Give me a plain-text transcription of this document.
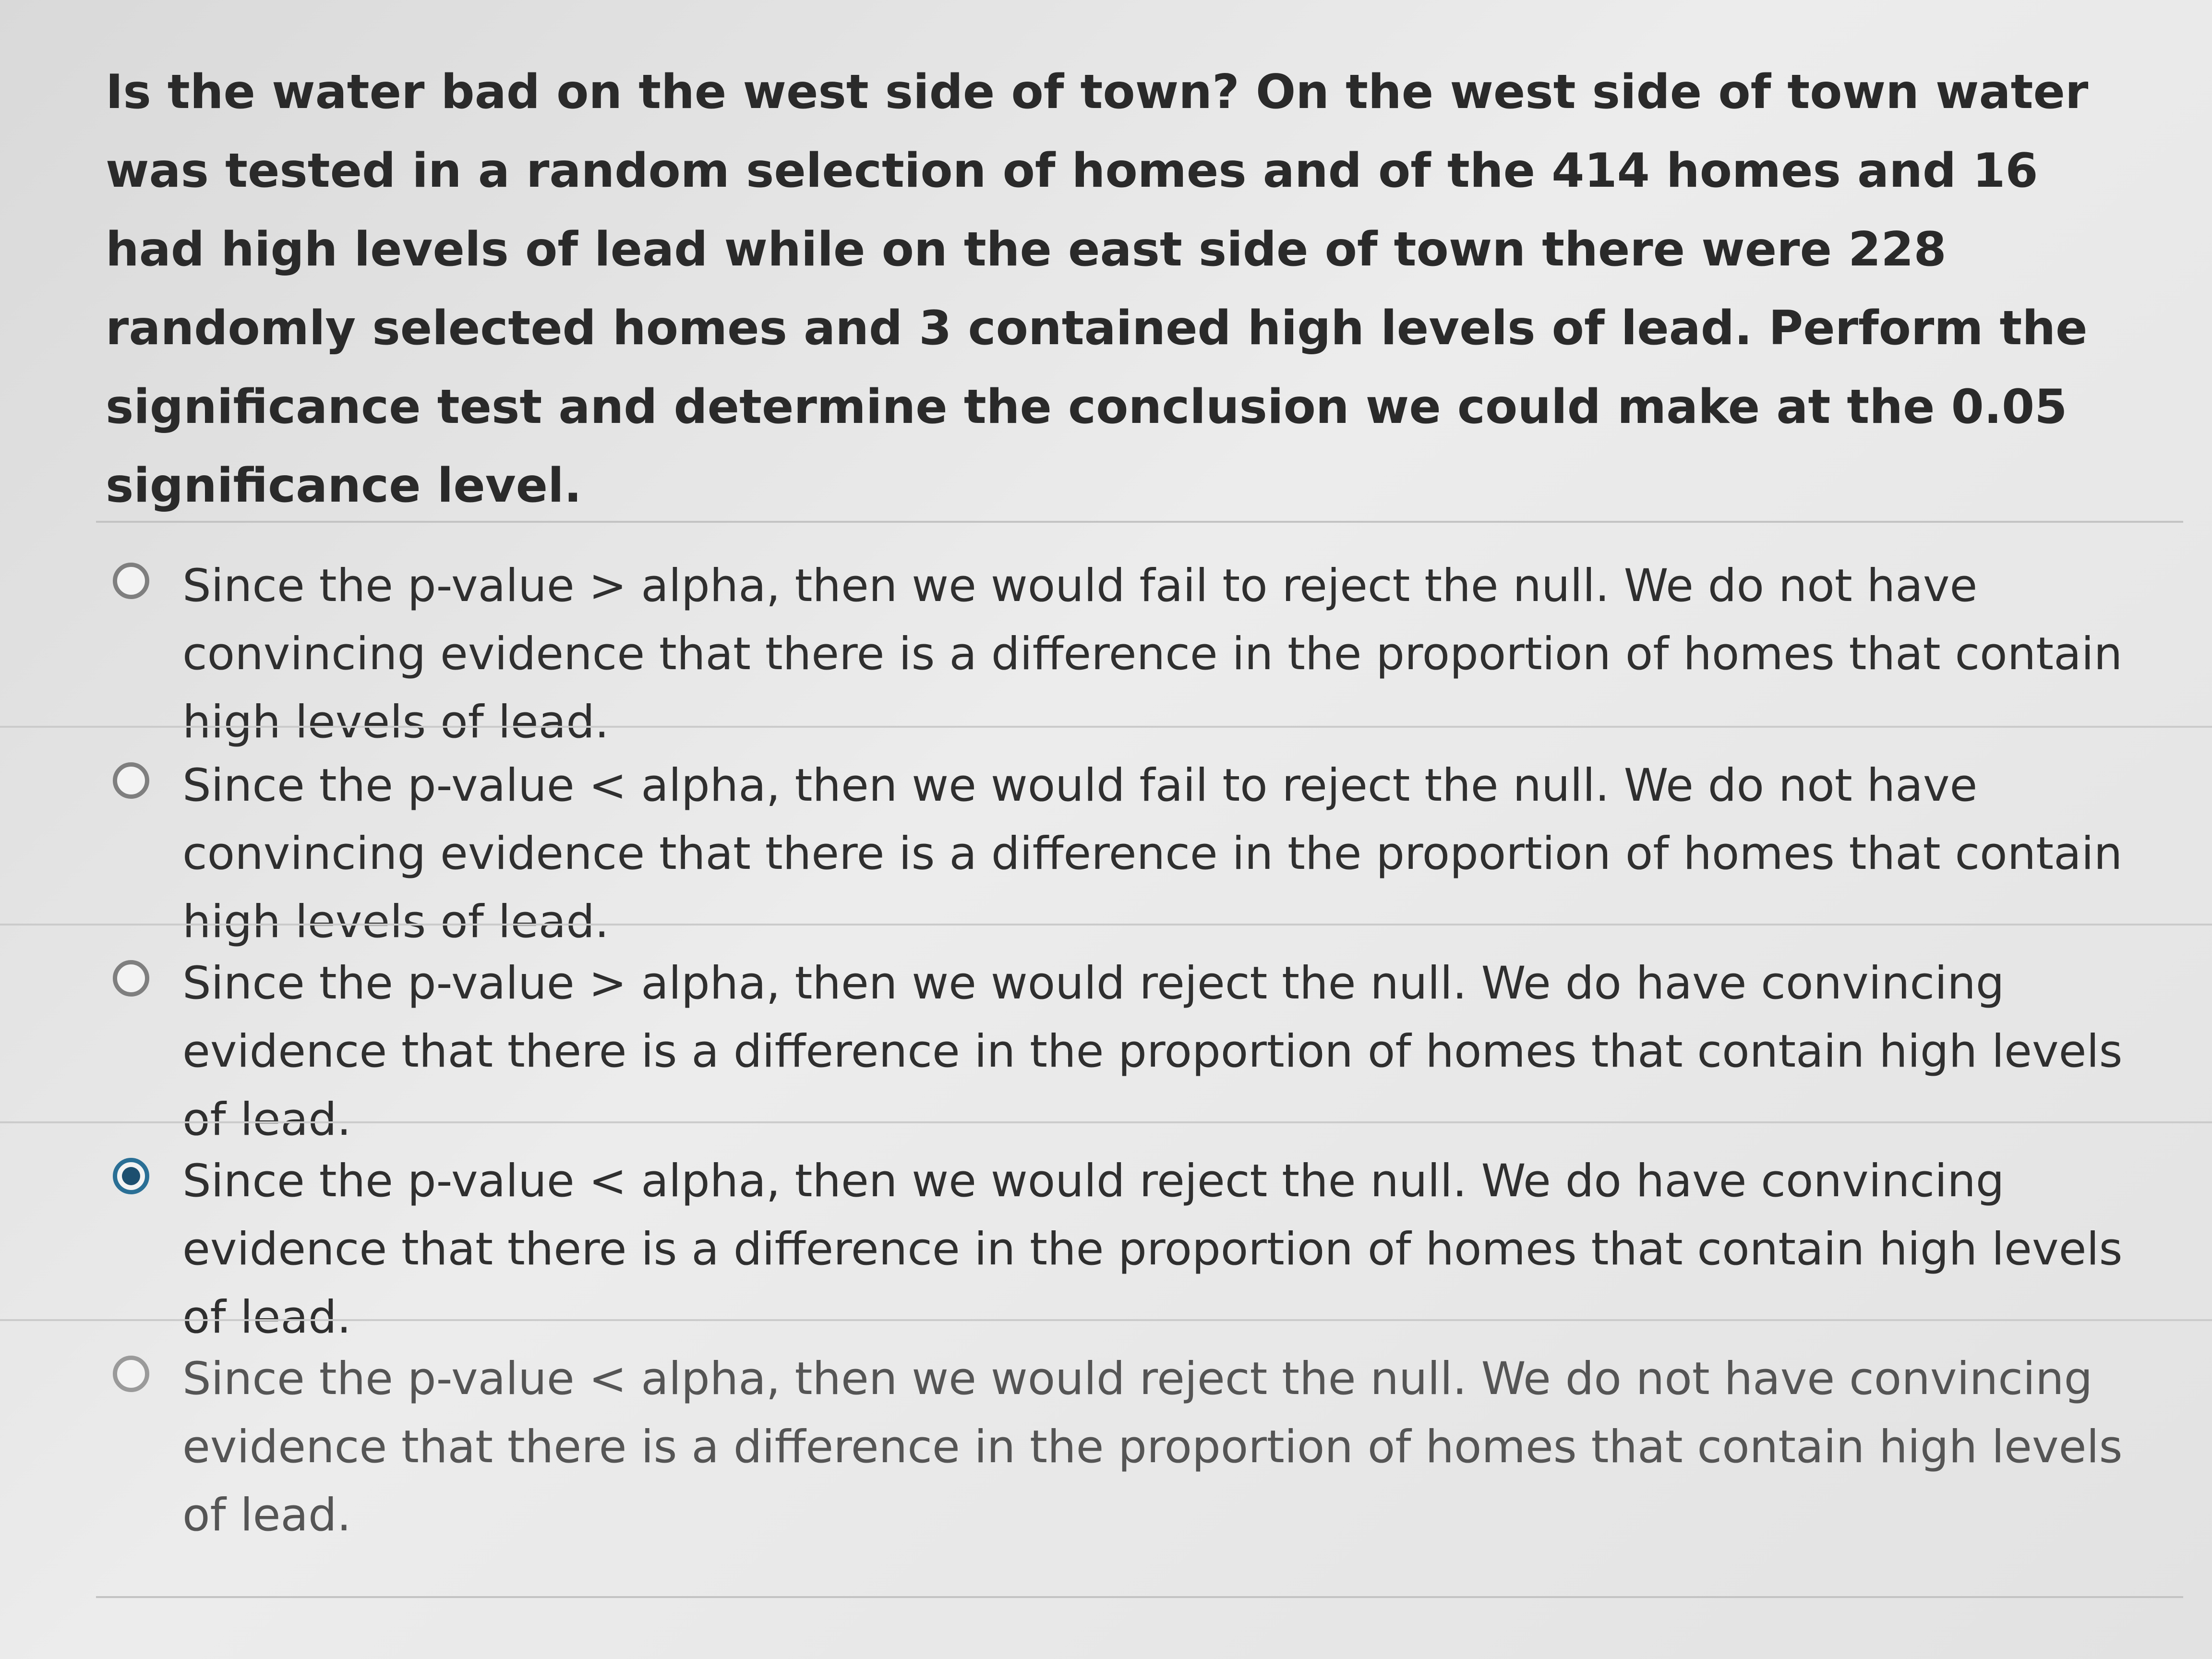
Is the water bad on the west side of town? On the west side of town water was tested in a random selection of homes and of the 414 homes and 16 had high levels of lead while on the east side of town there were 228 randomly selected homes and 3 contained high levels of lead. Perform the significance test and determine the conclusion we could make at the 0.05 significance level.

Since the p-value > alpha, then we would fail to reject the null. We do not have convincing evidence that there is a difference in the proportion of homes that contain high levels of lead.
Since the p-value < alpha, then we would fail to reject the null. We do not have convincing evidence that there is a difference in the proportion of homes that contain high levels of lead.
Since the p-value > alpha, then we would reject the null. We do have convincing evidence that there is a difference in the proportion of homes that contain high levels of lead.
Since the p-value < alpha, then we would reject the null. We do have convincing evidence that there is a difference in the proportion of homes that contain high levels of lead.
Since the p-value < alpha, then we would reject the null. We do not have convincing evidence that there is a difference in the proportion of homes that contain high levels of lead.
